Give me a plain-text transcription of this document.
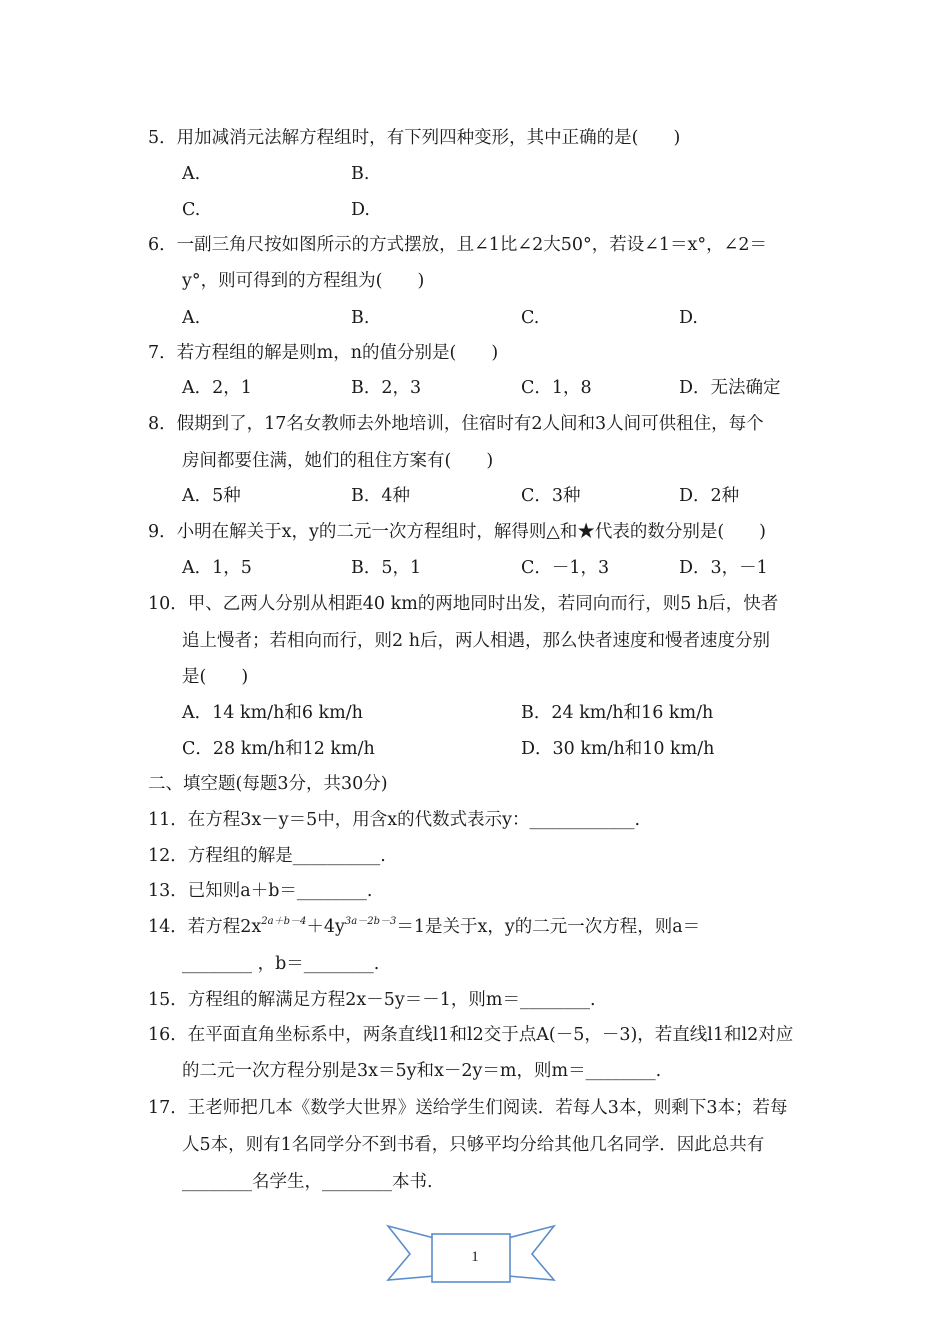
5．用加减消元法解方程组时，有下列四种变形，其中正确的是(　　)
A.	B.
C.	D.
6．一副三角尺按如图所示的方式摆放，且∠1比∠2大50°，若设∠1＝x°，∠2＝
y°，则可得到的方程组为(　　)
A.	B.	C.	D.
7．若方程组的解是则m，n的值分别是(　　)
A．2，1	B．2，3	C．1，8	D．无法确定
8．假期到了，17名女教师去外地培训，住宿时有2人间和3人间可供租住，每个
房间都要住满，她们的租住方案有(　　)
A．5种	B．4种	C．3种	D．2种
9．小明在解关于x，y的二元一次方程组时，解得则△和★代表的数分别是(　　)
A．1，5	B．5，1	C．－1，3	D．3，－1
10．甲、乙两人分别从相距40 km的两地同时出发，若同向而行，则5 h后，快者
追上慢者；若相向而行，则2 h后，两人相遇，那么快者速度和慢者速度分别
是(　　)
A．14 km/h和6 km/h	B．24 km/h和16 km/h
C．28 km/h和12 km/h	D．30 km/h和10 km/h
二、填空题(每题3分，共30分)
11．在方程3x－y＝5中，用含x的代数式表示y：____________.
12．方程组的解是__________.
13．已知则a＋b＝________.
14．若方程$2x^{2a+b-4}+4y^{3a-2b-3}=1$是关于x，y的二元一次方程，则a＝
________ ，b＝________.
15．方程组的解满足方程2x－5y＝－1，则m＝________.
16．在平面直角坐标系中，两条直线l1和l2交于点A(－5，－3)，若直线l1和l2对应
的二元一次方程分别是3x＝5y和x－2y＝m，则m＝________.
17．王老师把几本《数学大世界》送给学生们阅读．若每人3本，则剩下3本；若每
人5本，则有1名同学分不到书看，只够平均分给其他几名同学．因此总共有
________名学生，________本书.
1
